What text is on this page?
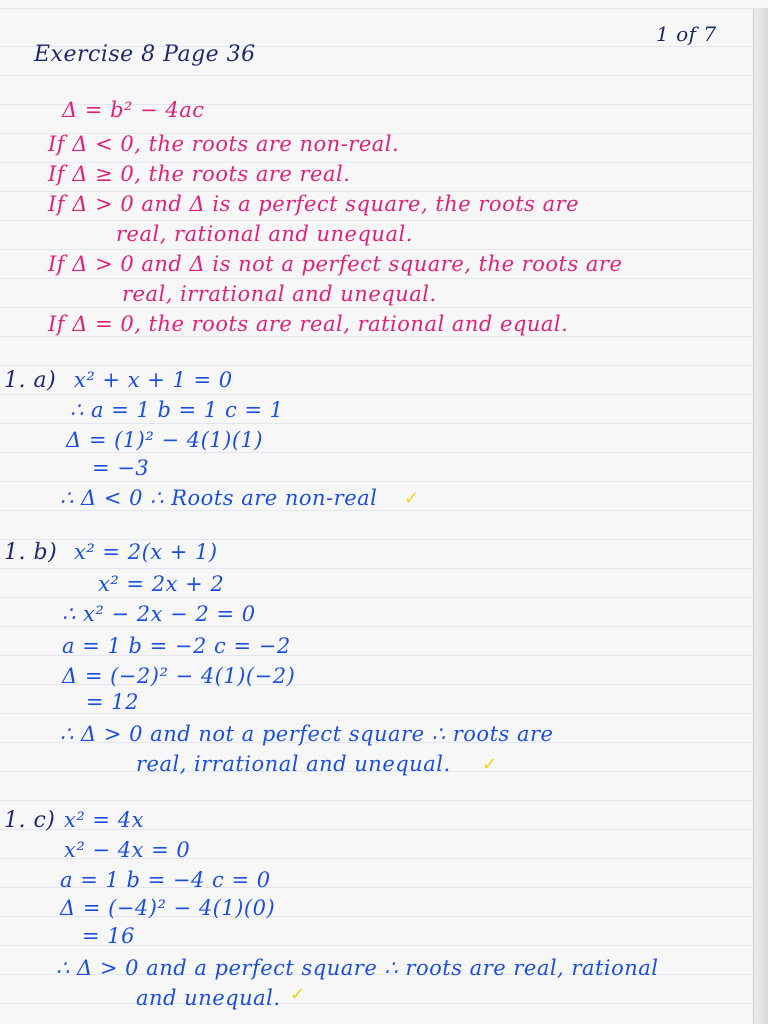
Exercise 8 Page 36
1 of 7
Δ = b² − 4ac
If Δ < 0, the roots are non-real.
If Δ ≥ 0, the roots are real.
If Δ > 0 and Δ is a perfect square, the roots are
real, rational and unequal.
If Δ > 0 and Δ is not a perfect square, the roots are
real, irrational and unequal.
If Δ = 0, the roots are real, rational and equal.
1. a) x² + x + 1 = 0
∴ a = 1 b = 1 c = 1
Δ = (1)² − 4(1)(1)
= −3
∴ Δ < 0 ∴ Roots are non-real ✓
1. b) x² = 2(x + 1)
x² = 2x + 2
∴ x² − 2x − 2 = 0
a = 1 b = −2 c = −2
Δ = (−2)² − 4(1)(−2)
= 12
∴ Δ > 0 and not a perfect square ∴ roots are
real, irrational and unequal. ✓
1. c) x² = 4x
x² − 4x = 0
a = 1 b = −4 c = 0
Δ = (−4)² − 4(1)(0)
= 16
∴ Δ > 0 and a perfect square ∴ roots are real, rational
and unequal. ✓
